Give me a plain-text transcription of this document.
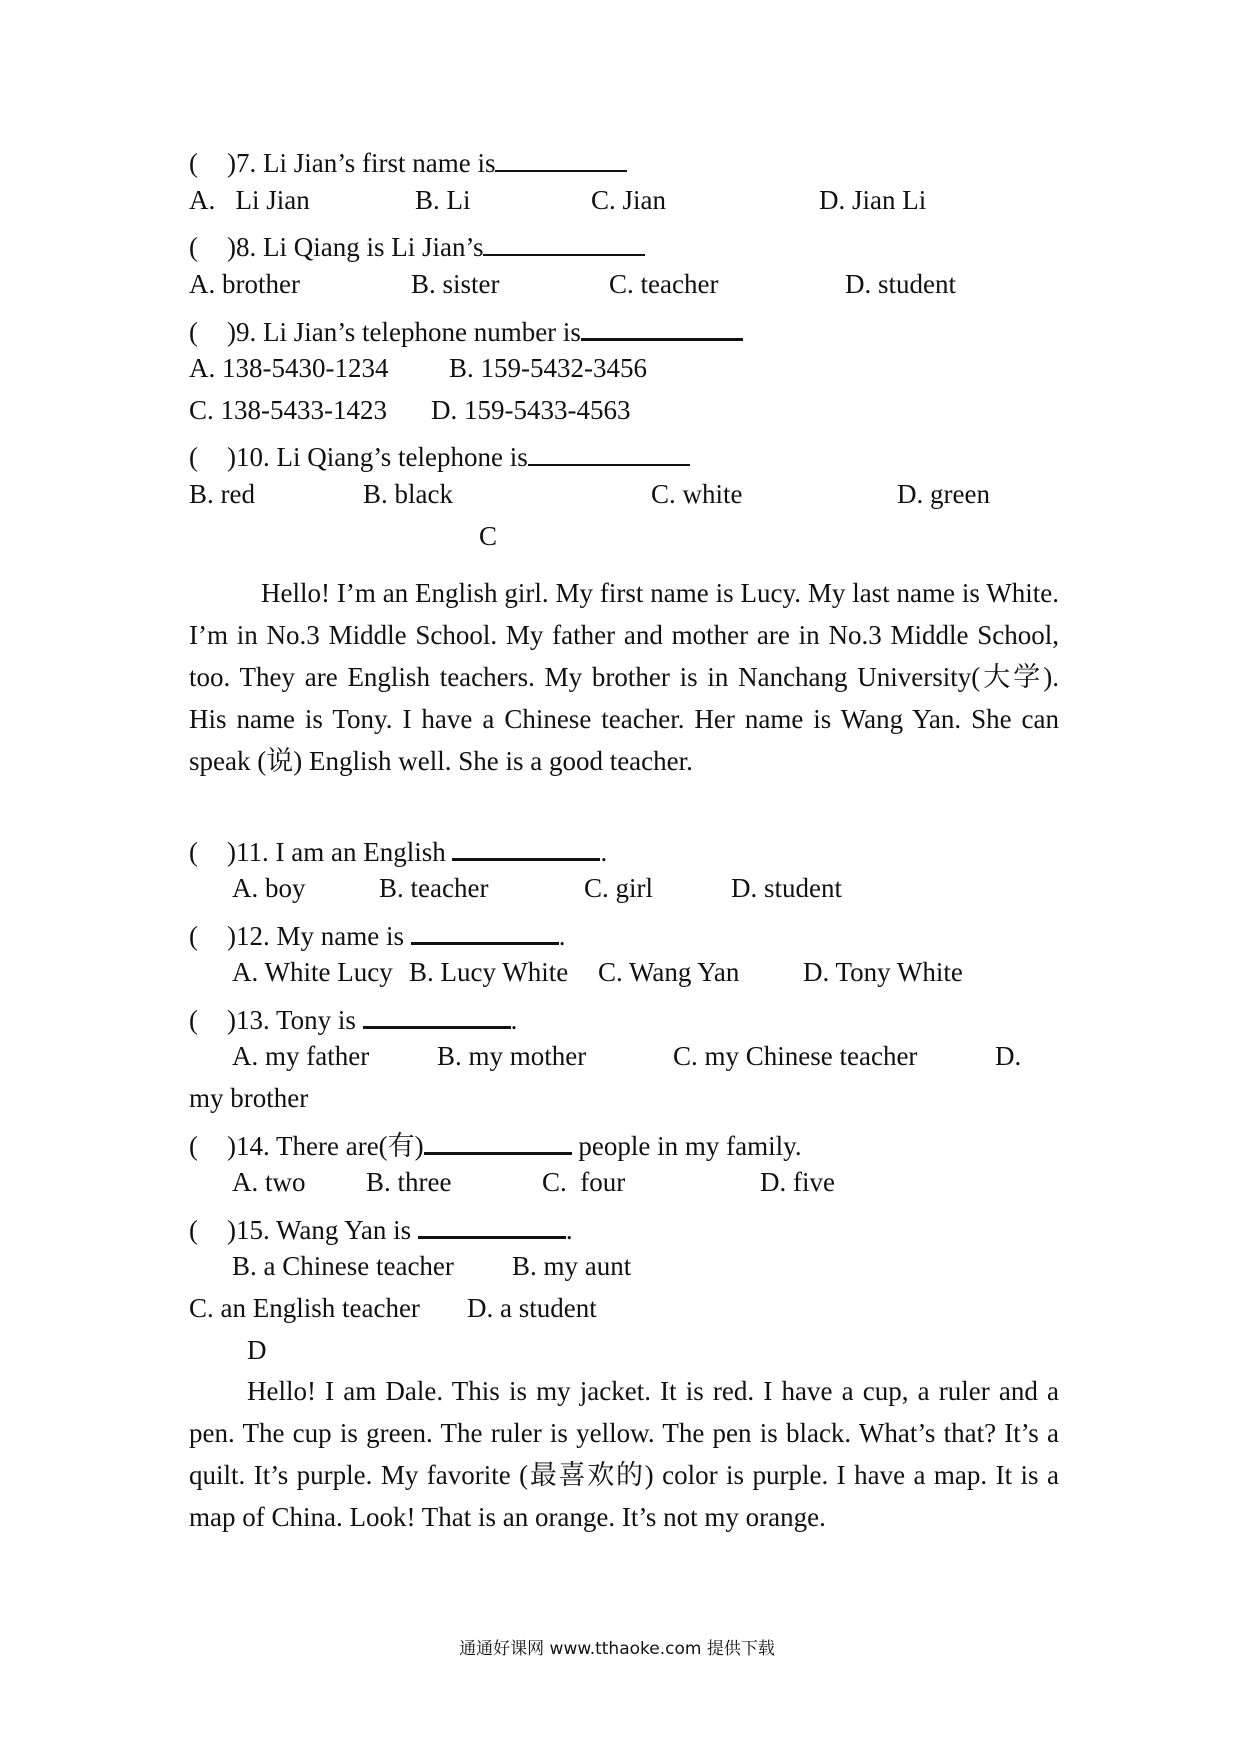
( )7. Li Jian’s first name is
A.   Li Jian	B. Li	C. Jian	D. Jian Li
( )8. Li Qiang is Li Jian’s
A. brother	B. sister	C. teacher	D. student
( )9. Li Jian’s telephone number is
A. 138-5430-1234 B. 159-5432-3456
C. 138-5433-1423 D. 159-5433-4563
( )10. Li Qiang’s telephone is
B. red	B. black	C. white	D. green
C
Hello! I’m an English girl. My first name is Lucy. My last name is White. I’m in No.3 Middle School. My father and mother are in No.3 Middle School, too. They are English teachers. My brother is in Nanchang University(大学). His name is Tony. I have a Chinese teacher. Her name is Wang Yan. She can speak (说) English well. She is a good teacher.
( )11. I am an English	.
A. boy	B. teacher	C. girl	D. student
( )12. My name is	.
A. White Lucy B. Lucy White C. Wang Yan D. Tony White
( )13. Tony is	.
A. my father	B. my mother	C. my Chinese teacher	D.
my brother
( )14. There are(有)	people in my family.
A. two B. three	C.  four	D. five
( )15. Wang Yan is	.
B. a Chinese teacher B. my aunt
C. an English teacher D. a student
D
Hello! I am Dale. This is my jacket. It is red. I have a cup, a ruler and a pen. The cup is green. The ruler is yellow. The pen is black. What’s that? It’s a quilt. It’s purple. My favorite (最喜欢的) color is purple. I have a map. It is a map of China. Look! That is an orange. It’s not my orange.
通通好课网 www.tthaoke.com 提供下载
